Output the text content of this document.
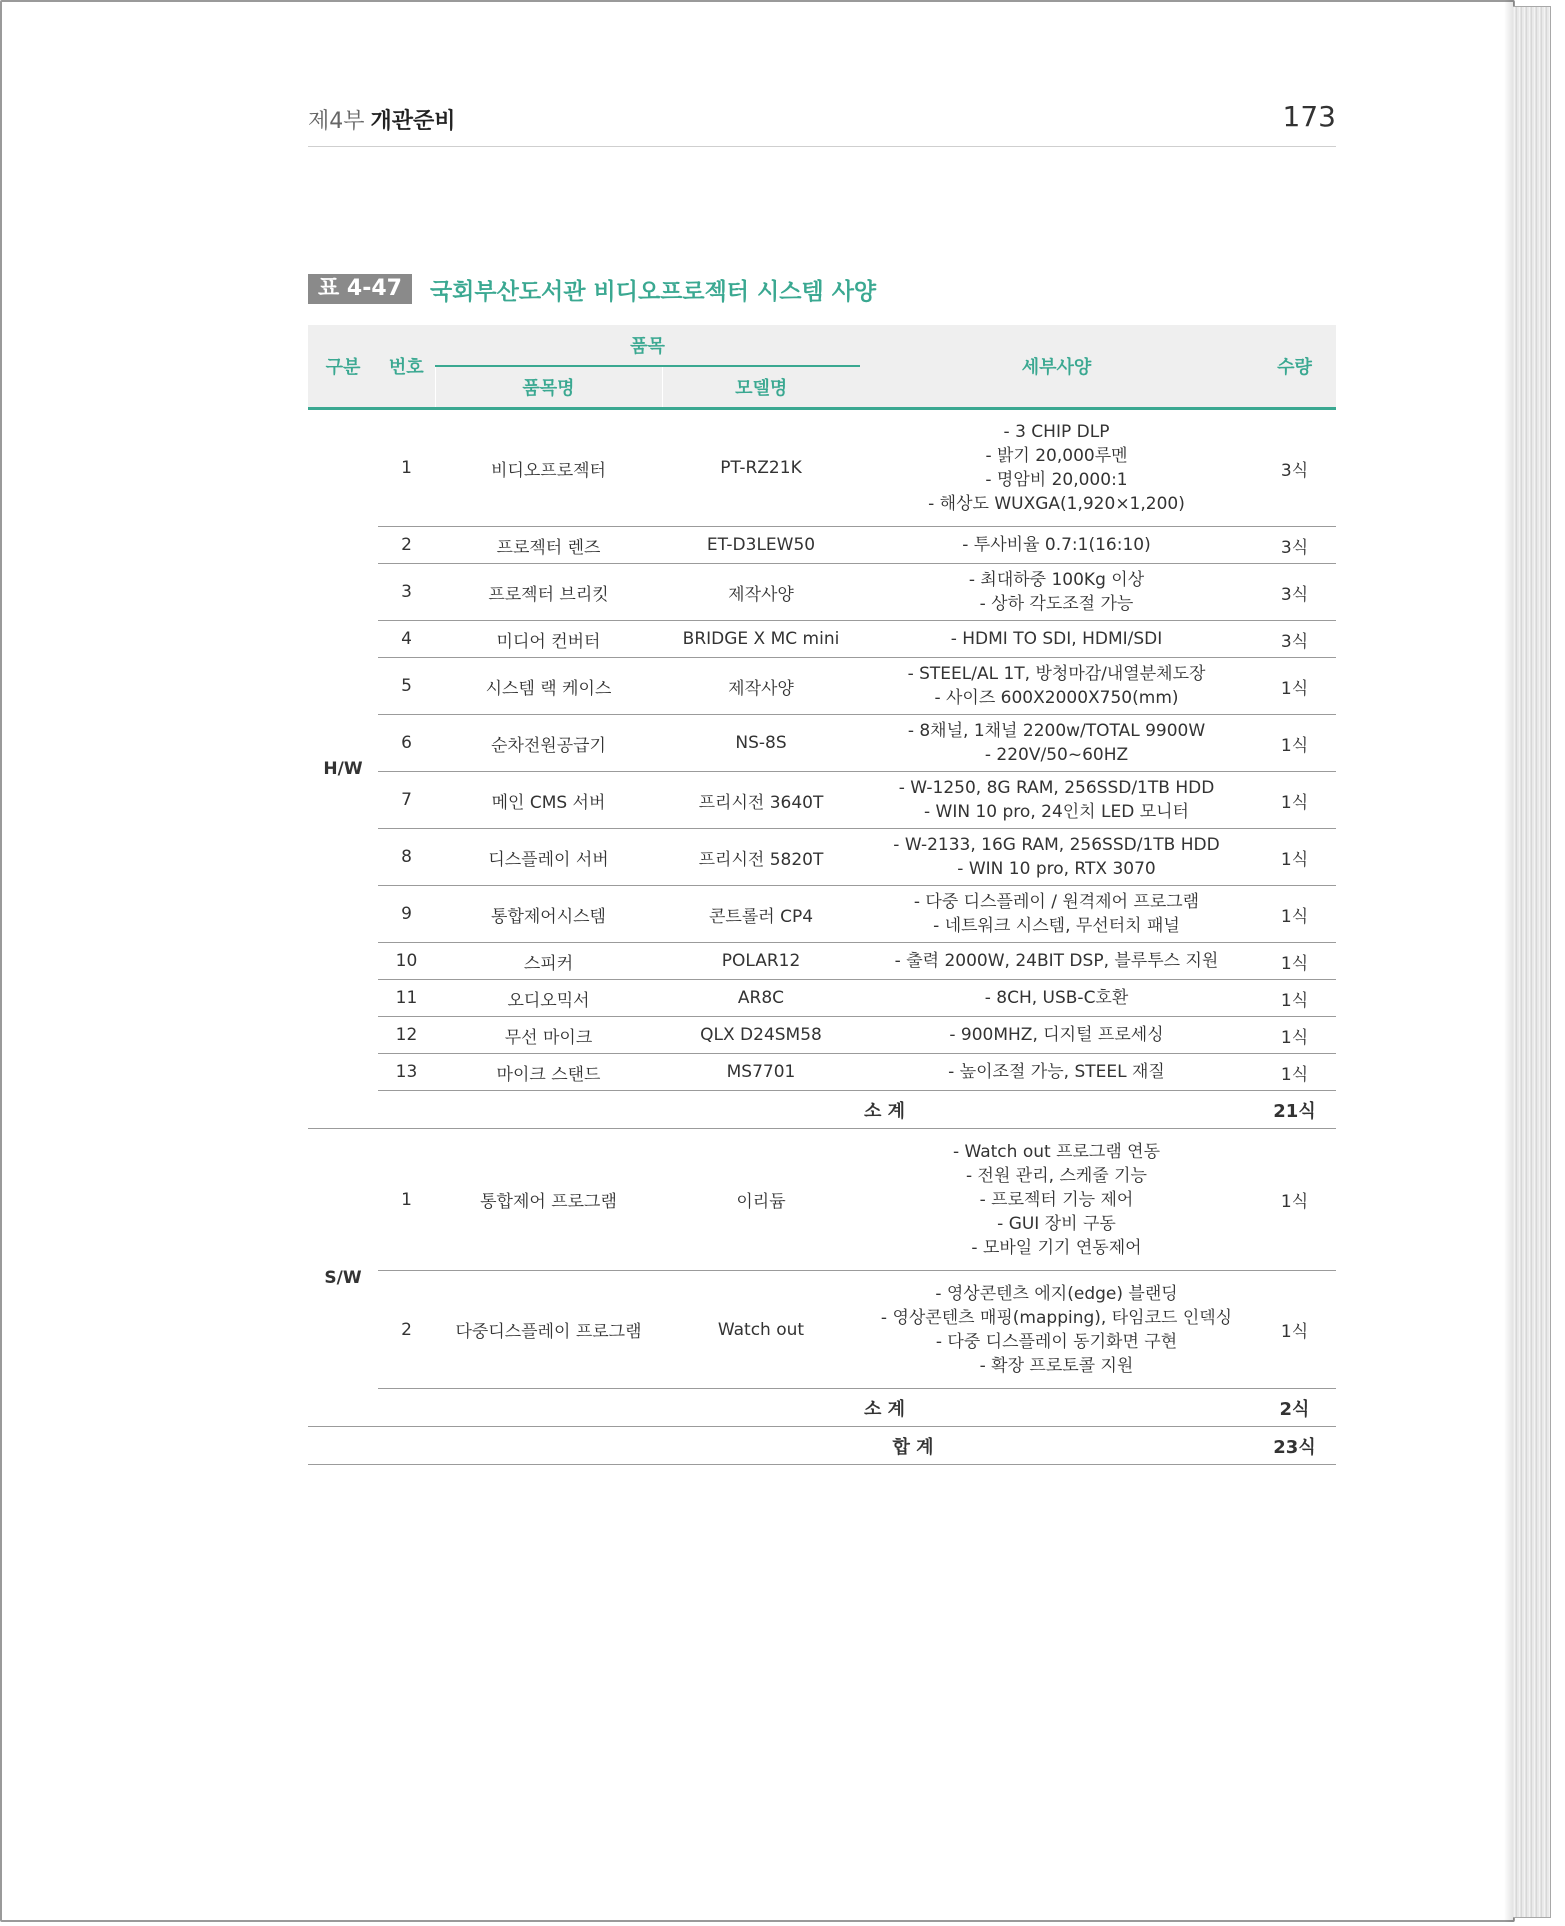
제4부 개관준비	173
표 4-47	국회부산도서관 비디오프로젝터 시스템 사양
구분	번호	품목		세부사양	수량
		품목명	모델명		
H/W	1	비디오프로젝터	PT-RZ21K	- 3 CHIP DLP
- 밝기 20,000루멘
- 명암비 20,000:1
- 해상도 WUXGA(1,920×1,200)	3식
	2	프로젝터 렌즈	ET-D3LEW50	- 투사비율 0.7:1(16:10)	3식
	3	프로젝터 브리킷	제작사양	- 최대하중 100Kg 이상
- 상하 각도조절 가능	3식
	4	미디어 컨버터	BRIDGE X MC mini	- HDMI TO SDI, HDMI/SDI	3식
	5	시스템 랙 케이스	제작사양	- STEEL/AL 1T, 방청마감/내열분체도장
- 사이즈 600X2000X750(mm)	1식
	6	순차전원공급기	NS-8S	- 8채널, 1채널 2200w/TOTAL 9900W
- 220V/50~60HZ	1식
	7	메인 CMS 서버	프리시전 3640T	- W-1250, 8G RAM, 256SSD/1TB HDD
- WIN 10 pro, 24인치 LED 모니터	1식
	8	디스플레이 서버	프리시전 5820T	- W-2133, 16G RAM, 256SSD/1TB HDD
- WIN 10 pro, RTX 3070	1식
	9	통합제어시스템	콘트롤러 CP4	- 다중 디스플레이 / 원격제어 프로그램
- 네트워크 시스템, 무선터치 패널	1식
	10	스피커	POLAR12	- 출력 2000W, 24BIT DSP, 블루투스 지원	1식
	11	오디오믹서	AR8C	- 8CH, USB-C호환	1식
	12	무선 마이크	QLX D24SM58	- 900MHZ, 디지털 프로세싱	1식
	13	마이크 스탠드	MS7701	- 높이조절 가능, STEEL 재질	1식
	소 계				21식
S/W	1	통합제어 프로그램	이리듐	- Watch out 프로그램 연동
- 전원 관리, 스케줄 기능
- 프로젝터 기능 제어
- GUI 장비 구동
- 모바일 기기 연동제어	1식
	2	다중디스플레이 프로그램	Watch out	- 영상콘텐츠 에지(edge) 블랜딩
- 영상콘텐츠 매핑(mapping), 타임코드 인덱싱
- 다중 디스플레이 동기화면 구현
- 확장 프로토콜 지원	1식
	소 계				2식
합 계					23식
